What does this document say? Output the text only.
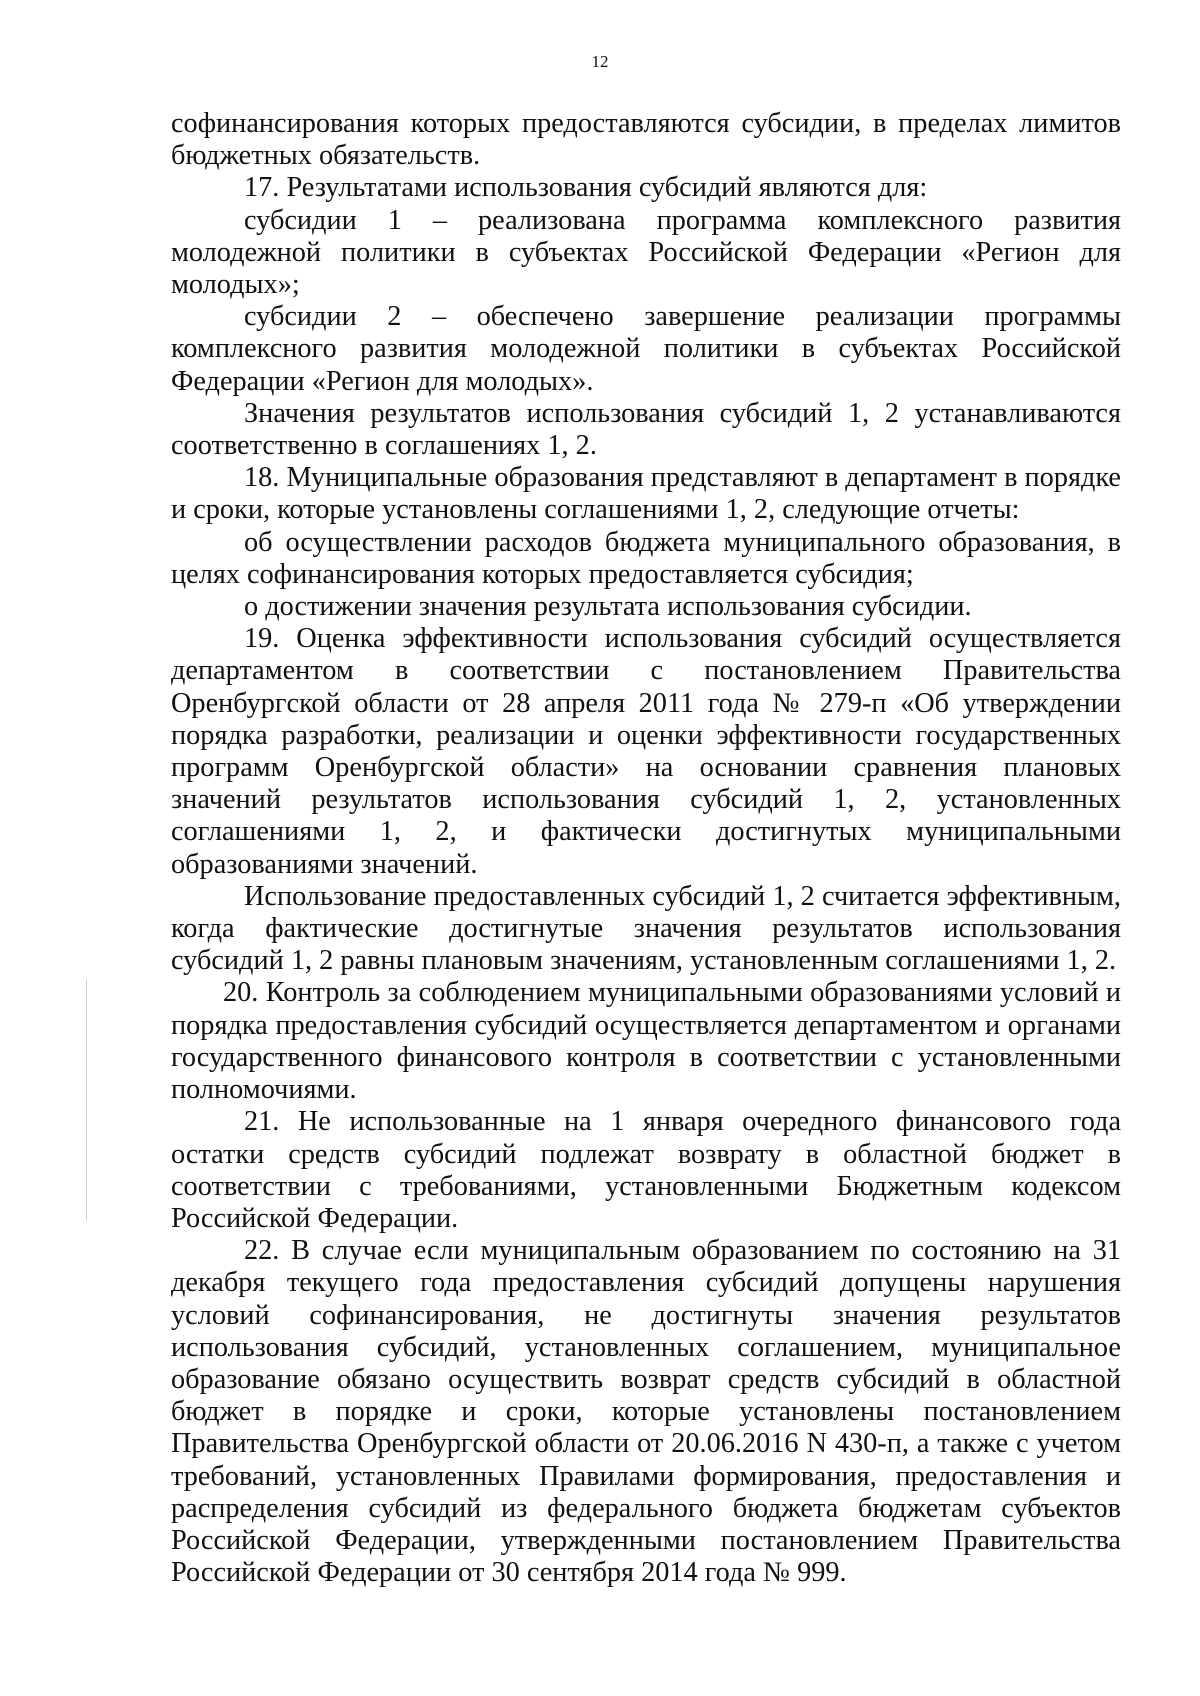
12

софинансирования которых предоставляются субсидии, в пределах лимитов бюджетных обязательств.

17. Результатами использования субсидий являются для:

субсидии 1 – реализована программа комплексного развития молодежной политики в субъектах Российской Федерации «Регион для молодых»;

субсидии 2 – обеспечено завершение реализации программы комплексного развития молодежной политики в субъектах Российской Федерации «Регион для молодых».

Значения результатов использования субсидий 1, 2 устанавливаются соответственно в соглашениях 1, 2.

18. Муниципальные образования представляют в департамент в порядке и сроки, которые установлены соглашениями 1, 2, следующие отчеты:

об осуществлении расходов бюджета муниципального образования, в целях софинансирования которых предоставляется субсидия;

о достижении значения результата использования субсидии.

19. Оценка эффективности использования субсидий осуществляется департаментом в соответствии с постановлением Правительства Оренбургской области от 28 апреля 2011 года № 279-п «Об утверждении порядка разработки, реализации и оценки эффективности государственных программ Оренбургской области» на основании сравнения плановых значений результатов использования субсидий 1, 2, установленных соглашениями 1, 2, и фактически достигнутых муниципальными образованиями значений.

Использование предоставленных субсидий 1, 2 считается эффективным, когда фактические достигнутые значения результатов использования субсидий 1, 2 равны плановым значениям, установленным соглашениями 1, 2.

20. Контроль за соблюдением муниципальными образованиями условий и порядка предоставления субсидий осуществляется департаментом и органами государственного финансового контроля в соответствии с установленными полномочиями.

21. Не использованные на 1 января очередного финансового года остатки средств субсидий подлежат возврату в областной бюджет в соответствии с требованиями, установленными Бюджетным кодексом Российской Федерации.

22. В случае если муниципальным образованием по состоянию на 31 декабря текущего года предоставления субсидий допущены нарушения условий софинансирования, не достигнуты значения результатов использования субсидий, установленных соглашением, муниципальное образование обязано осуществить возврат средств субсидий в областной бюджет в порядке и сроки, которые установлены постановлением Правительства Оренбургской области от 20.06.2016 N 430-п, а также с учетом требований, установленных Правилами формирования, предоставления и распределения субсидий из федерального бюджета бюджетам субъектов Российской Федерации, утвержденными постановлением Правительства Российской Федерации от 30 сентября 2014 года № 999.
